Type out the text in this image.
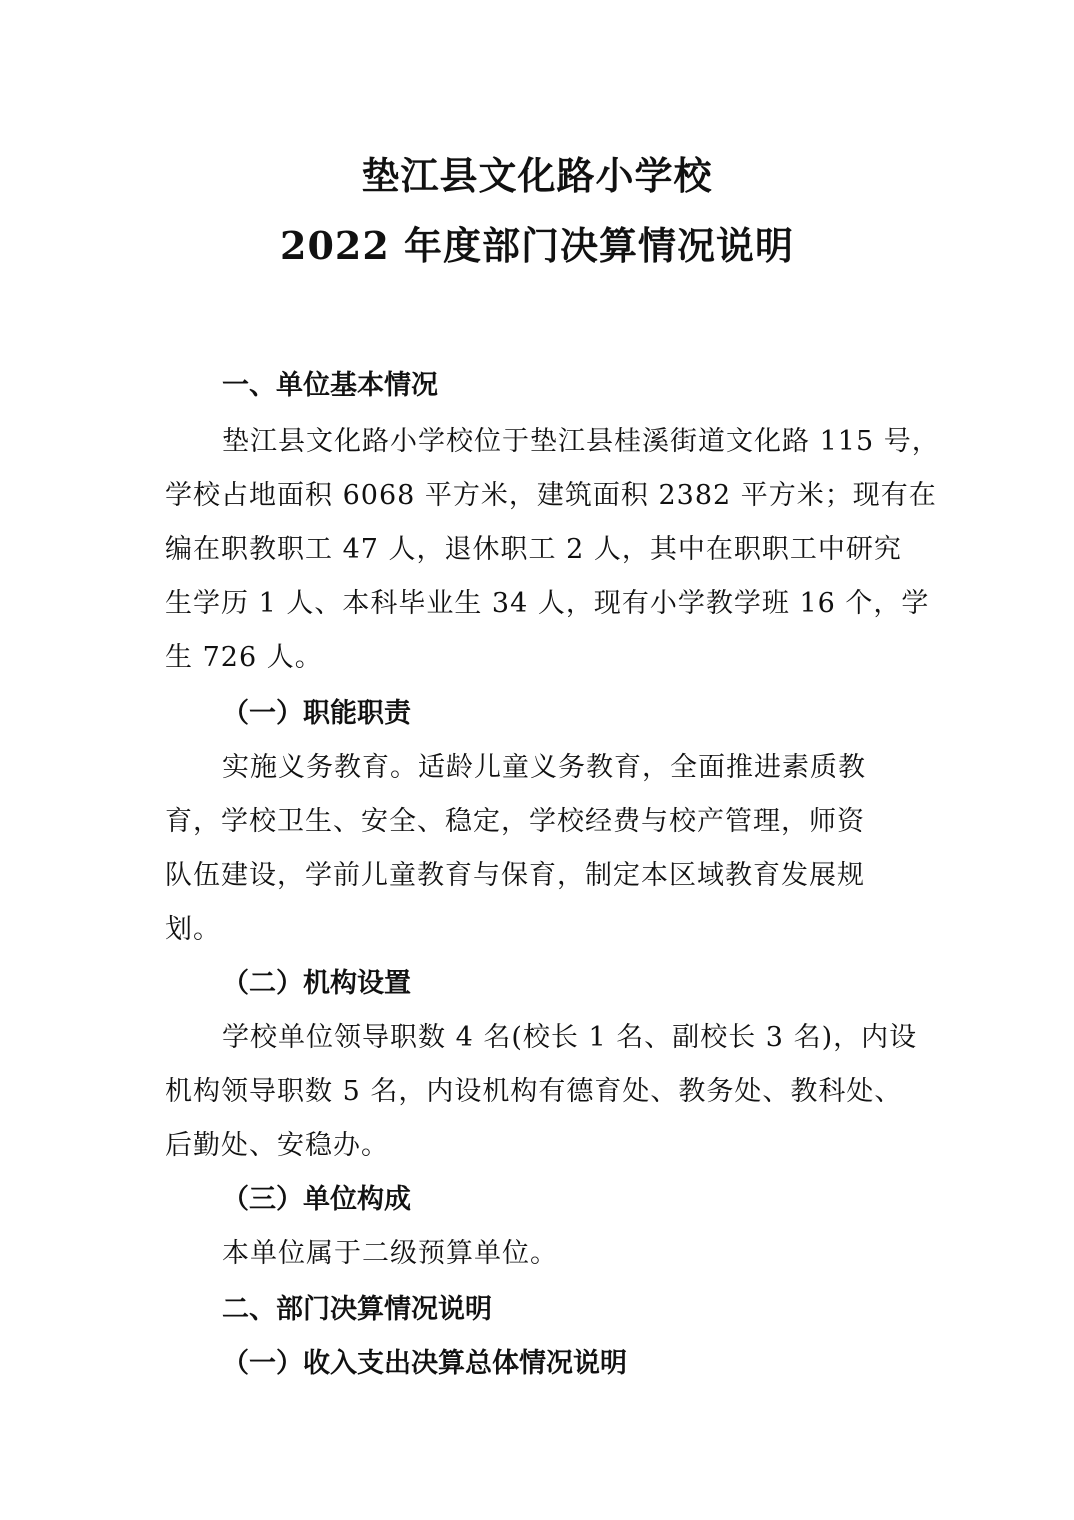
垫江县文化路小学校
2022 年度部门决算情况说明
一、单位基本情况
垫江县文化路小学校位于垫江县桂溪街道文化路 115 号，
学校占地面积 6068 平方米，建筑面积 2382 平方米；现有在
编在职教职工 47 人，退休职工 2 人，其中在职职工中研究
生学历 1 人、本科毕业生 34 人，现有小学教学班 16 个，学
生 726 人。
（一）职能职责
实施义务教育。适龄儿童义务教育，全面推进素质教
育，学校卫生、安全、稳定，学校经费与校产管理，师资
队伍建设，学前儿童教育与保育，制定本区域教育发展规
划。
（二）机构设置
学校单位领导职数 4 名(校长 1 名、副校长 3 名)，内设
机构领导职数 5 名，内设机构有德育处、教务处、教科处、
后勤处、安稳办。
（三）单位构成
本单位属于二级预算单位。
二、部门决算情况说明
（一）收入支出决算总体情况说明
